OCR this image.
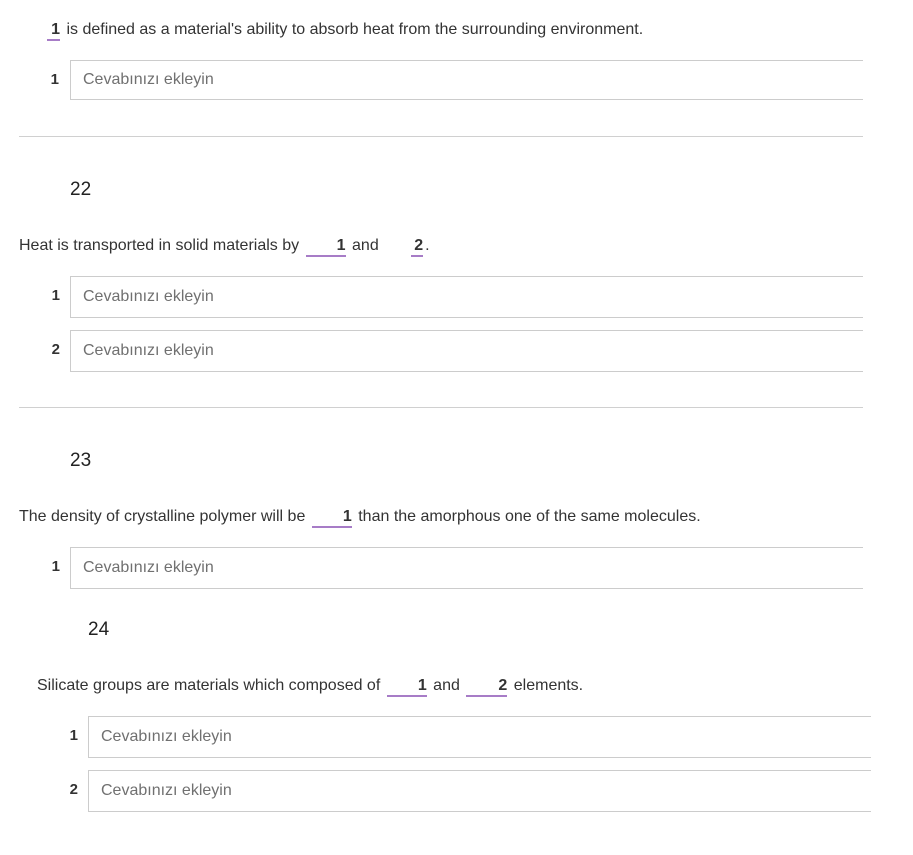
1 is defined as a material's ability to absorb heat from the surrounding environment.
1
Cevabınızı ekleyin
22
Heat is transported in solid materials by 1 and 2 .
1
Cevabınızı ekleyin
2
Cevabınızı ekleyin
23
The density of crystalline polymer will be 1 than the amorphous one of the same molecules.
1
Cevabınızı ekleyin
24
Silicate groups are materials which composed of 1 and 2 elements.
1
Cevabınızı ekleyin
2
Cevabınızı ekleyin
